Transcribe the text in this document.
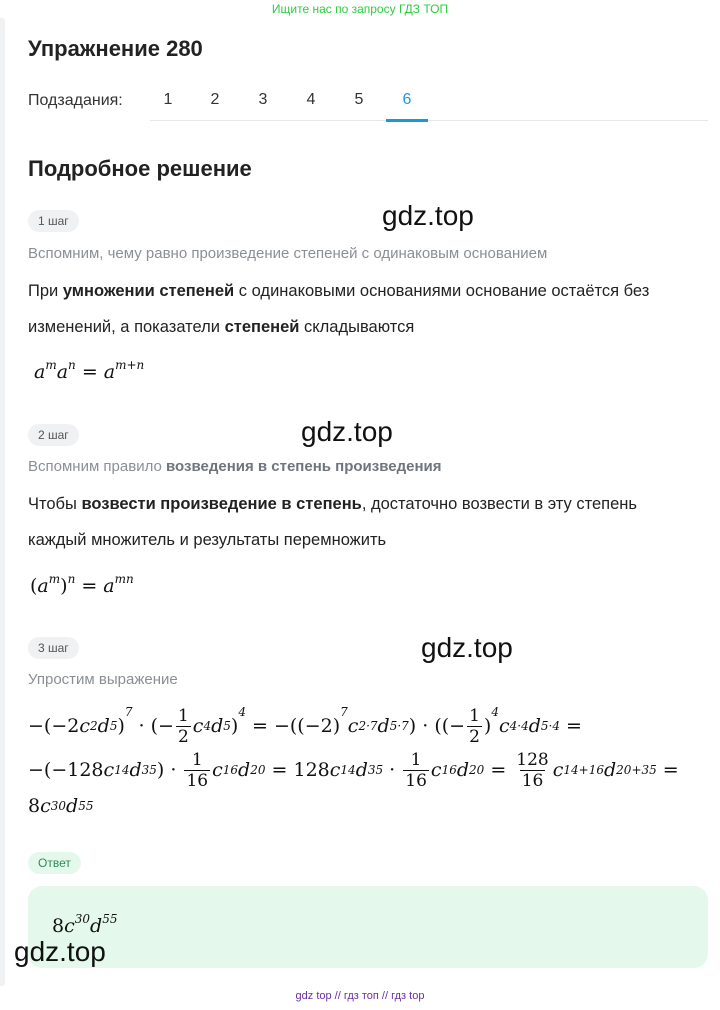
Ищите нас по запросу ГДЗ ТОП
Упражнение 280
Подзадания:	1	2	3	4	5	6
Подробное решение
1 шаг	gdz.top
Вспомним, чему равно произведение степеней с одинаковым основанием
При умножении степеней с одинаковыми основаниями основание остаётся без изменений, а показатели степеней складываются
$a^ma^n = a^{m+n}$
2 шаг	gdz.top
Вспомним правило возведения в степень произведения
Чтобы возвести произведение в степень, достаточно возвести в эту степень каждый множитель и результаты перемножить
$(a^m)^n = a^{mn}$
3 шаг	gdz.top
Упростим выражение
−(−2 c 2 d 5 )
7
· (− $\frac{1}{2}$ c 4 d 5 )
4
= −((−2)
7
c 2·7 d 5·7 ) · ((− $\frac{1}{2}$ )
4
c 4·4 d 5·4 =
−(−128 c 14 d 35 ) · $\frac{1}{16}$ c 16 d 20 = 128 c 14 d $35 \cdot \frac{1}{16}$ c 16 d $20 = \frac{128}{16}$ c 14+16 d 20+35 =
8 c 30 d 55
Ответ
$8c^{30}d^{55}$
gdz.top
gdz top // гдз топ // гдз top
